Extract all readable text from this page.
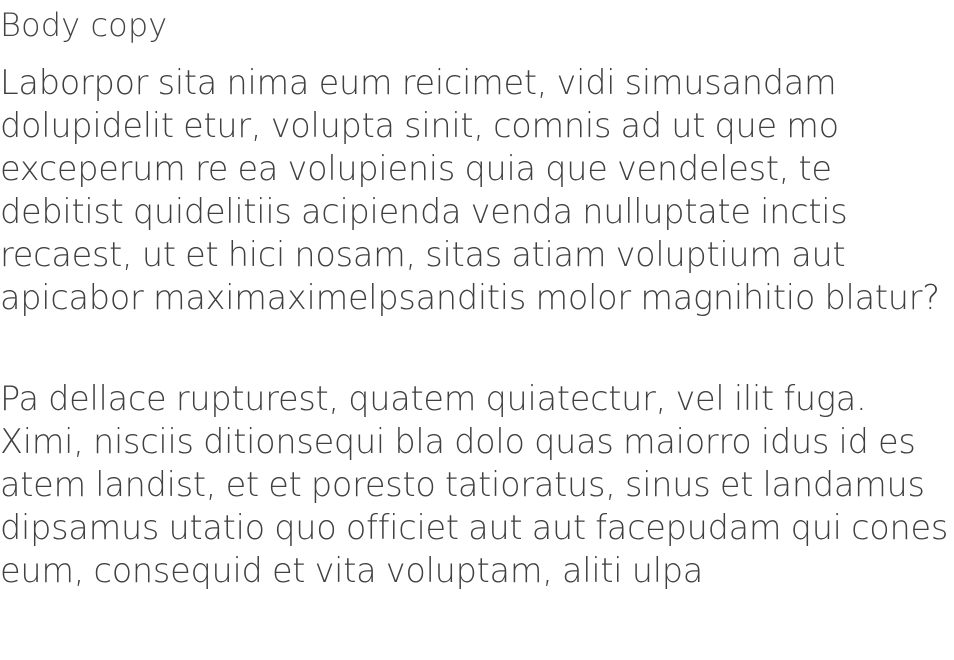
Body copy

Laborpor sita nima eum reicimet, vidi simusandam dolupidelit etur, volupta sinit, comnis ad ut que mo exceperum re ea volupienis quia que vendelest, te debitist quidelitiis acipienda venda nulluptate inctis recaest, ut et hici nosam, sitas atiam voluptium aut apicabor maximaximelpsanditis molor magnihitio blatur?

Pa dellace rupturest, quatem quiatectur, vel ilit fuga. Ximi, nisciis ditionsequi bla dolo quas maiorro idus id es atem landist, et et poresto tatioratus, sinus et landamus dipsamus utatio quo officiet aut aut facepudam qui cones eum, consequid et vita voluptam, aliti ulpa
